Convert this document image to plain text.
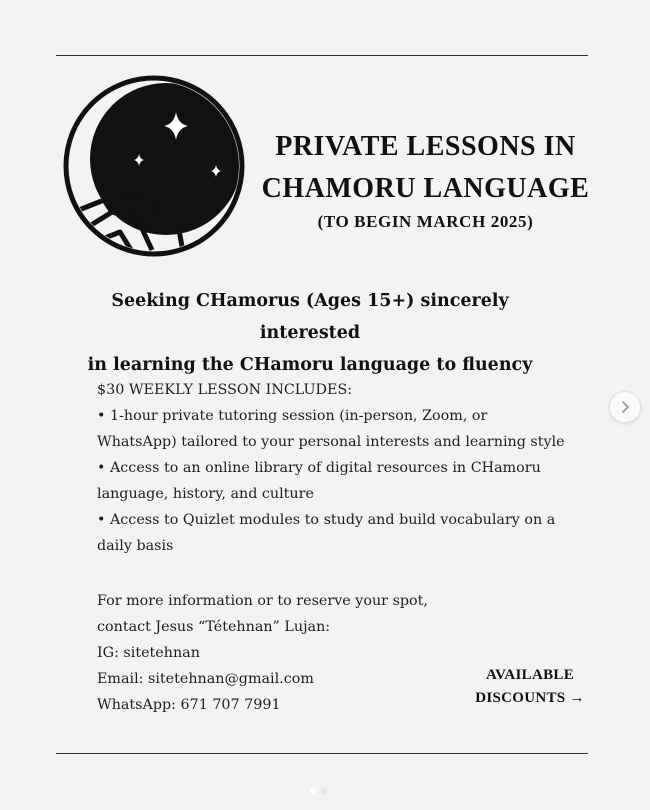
PRIVATE LESSONS IN
CHAMORU LANGUAGE
(TO BEGIN MARCH 2025)
Seeking CHamorus (Ages 15+) sincerely interested
in learning the CHamoru language to fluency
$30 WEEKLY LESSON INCLUDES:
• 1-hour private tutoring session (in-person, Zoom, or
WhatsApp) tailored to your personal interests and learning style
• Access to an online library of digital resources in CHamoru
language, history, and culture
• Access to Quizlet modules to study and build vocabulary on a
daily basis
For more information or to reserve your spot,
contact Jesus “Tétehnan” Lujan:
IG: sitetehnan
Email: sitetehnan@gmail.com
WhatsApp: 671 707 7991
AVAILABLE
DISCOUNTS →
